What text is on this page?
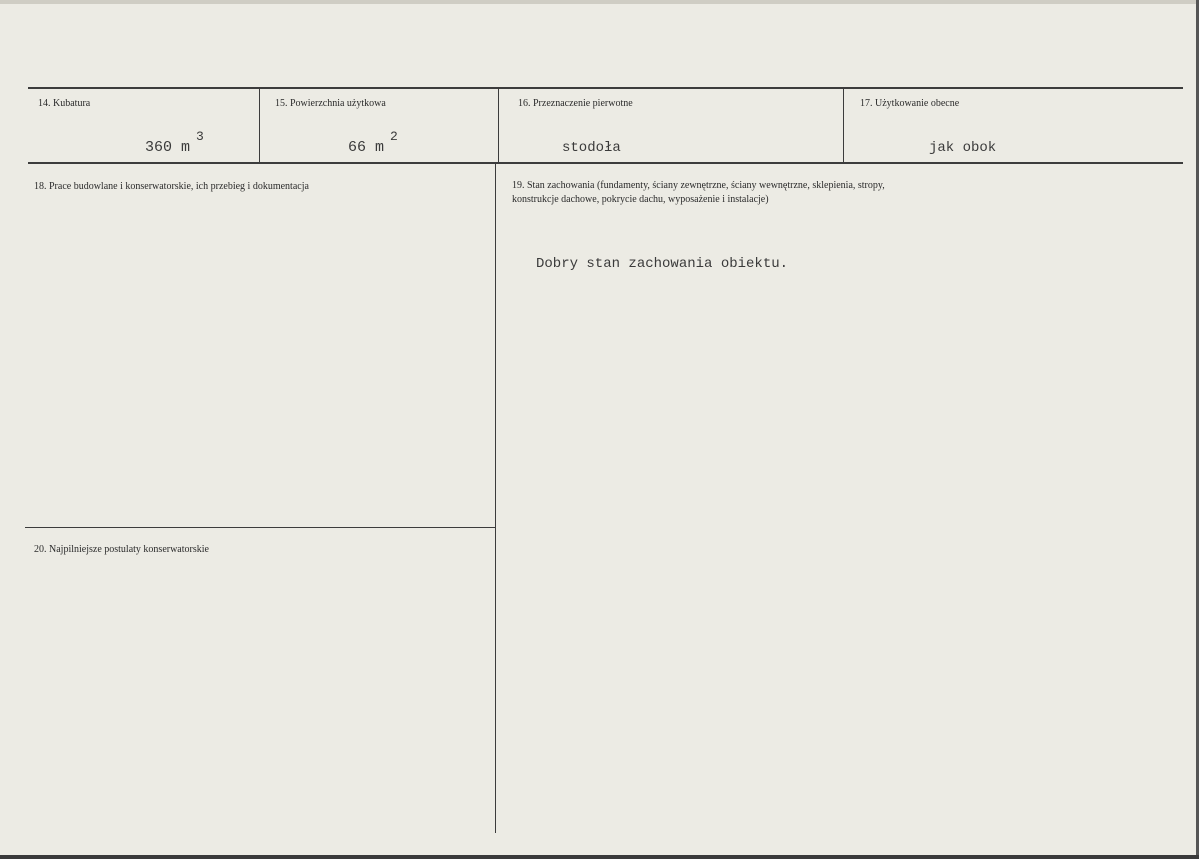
14. Kubatura
360 m
3
15. Powierzchnia użytkowa
66 m
2
16. Przeznaczenie pierwotne
stodoła
17. Użytkowanie obecne
jak obok
18. Prace budowlane i konserwatorskie, ich przebieg i dokumentacja	19. Stan zachowania (fundamenty, ściany zewnętrzne, ściany wewnętrzne, sklepienia, stropy,
konstrukcje dachowe, pokrycie dachu, wyposażenie i instalacje)
Dobry stan zachowania obiektu.
20. Najpilniejsze postulaty konserwatorskie
